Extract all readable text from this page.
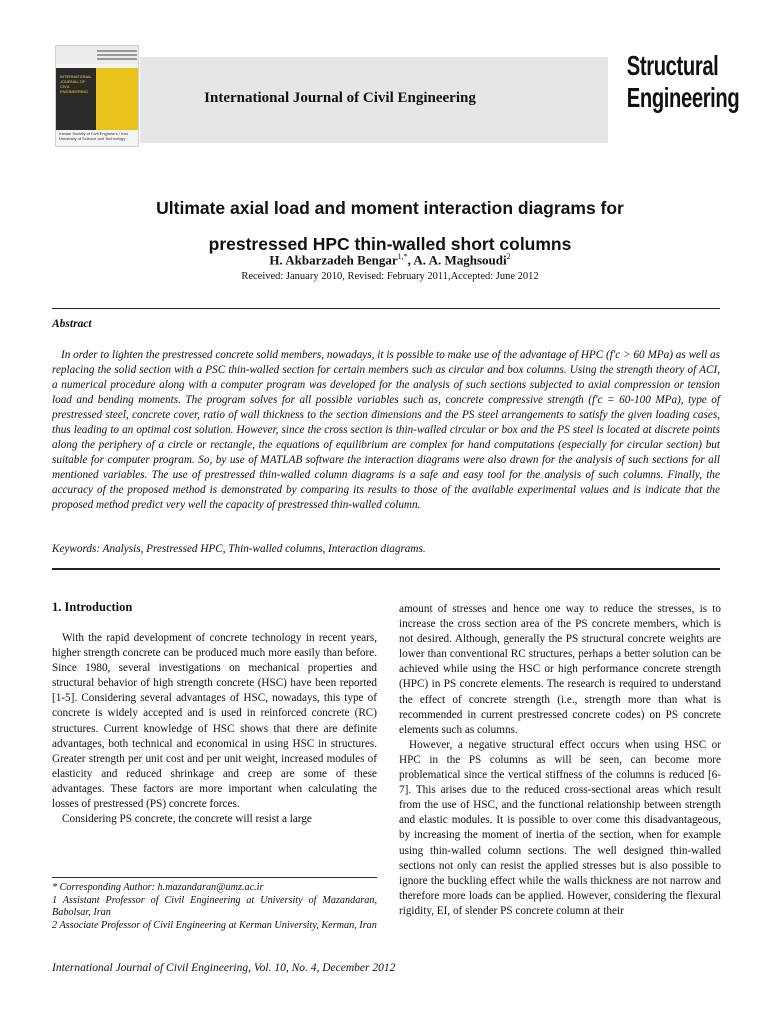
INTERNATIONAL JOURNAL OF CIVIL ENGINEERING
Iranian Society of Civil Engineers / Iran University of Science and Technology
International Journal of Civil Engineering
Structural
Engineering
Ultimate axial load and moment interaction diagrams for
prestressed HPC thin-walled short columns
H. Akbarzadeh Bengar$^{1,*}$, A. A. Maghsoudi$^2$
Received: January 2010, Revised: February 2011,Accepted: June 2012
Abstract
In order to lighten the prestressed concrete solid members, nowadays, it is possible to make use of the advantage of HPC (f'c > 60 MPa) as well as replacing the solid section with a PSC thin-walled section for certain members such as circular and box columns. Using the strength theory of ACI, a numerical procedure along with a computer program was developed for the analysis of such sections subjected to axial compression or tension load and bending moments. The program solves for all possible variables such as, concrete compressive strength (f'c = 60-100 MPa), type of prestressed steel, concrete cover, ratio of wall thickness to the section dimensions and the PS steel arrangements to satisfy the given loading cases, thus leading to an optimal cost solution. However, since the cross section is thin-walled circular or box and the PS steel is located at discrete points along the periphery of a circle or rectangle, the equations of equilibrium are complex for hand computations (especially for circular section) but suitable for computer program. So, by use of MATLAB software the interaction diagrams were also drawn for the analysis of such sections for all mentioned variables. The use of prestressed thin-walled column diagrams is a safe and easy tool for the analysis of such columns. Finally, the accuracy of the proposed method is demonstrated by comparing its results to those of the available experimental values and is indicate that the proposed method predict very well the capacity of prestressed thin-walled column.
Keywords: Analysis, Prestressed HPC, Thin-walled columns, Interaction diagrams.
1. Introduction

With the rapid development of concrete technology in recent years, higher strength concrete can be produced much more easily than before. Since 1980, several investigations on mechanical properties and structural behavior of high strength concrete (HSC) have been reported [1-5]. Considering several advantages of HSC, nowadays, this type of concrete is widely accepted and is used in reinforced concrete (RC) structures. Current knowledge of HSC shows that there are definite advantages, both technical and economical in using HSC in structures. Greater strength per unit cost and per unit weight, increased modules of elasticity and reduced shrinkage and creep are some of these advantages. These factors are more important when calculating the losses of prestressed (PS) concrete forces.

Considering PS concrete, the concrete will resist a large

amount of stresses and hence one way to reduce the stresses, is to increase the cross section area of the PS concrete members, which is not desired. Although, generally the PS structural concrete weights are lower than conventional RC structures, perhaps a better solution can be achieved while using the HSC or high performance concrete strength (HPC) in PS concrete elements. The research is required to understand the effect of concrete strength (i.e., strength more than what is recommended in current prestressed concrete codes) on PS concrete elements such as columns.

However, a negative structural effect occurs when using HSC or HPC in the PS columns as will be seen, can become more problematical since the vertical stiffness of the columns is reduced [6-7]. This arises due to the reduced cross-sectional areas which result from the use of HSC, and the functional relationship between strength and elastic modules. It is possible to over come this disadvantageous, by increasing the moment of inertia of the section, when for example using thin-walled column sections. The well designed thin-walled sections not only can resist the applied stresses but is also possible to ignore the buckling effect while the walls thickness are not narrow and therefore more loads can be applied. However, considering the flexural rigidity, EI, of slender PS concrete column at their

* Corresponding Author: h.mazandaran@umz.ac.ir
1 Assistant Professor of Civil Engineering at University of Mazandaran, Babolsar, Iran
2 Associate Professor of Civil Engineering at Kerman University, Kerman, Iran
International Journal of Civil Engineering, Vol. 10, No. 4, December 2012
